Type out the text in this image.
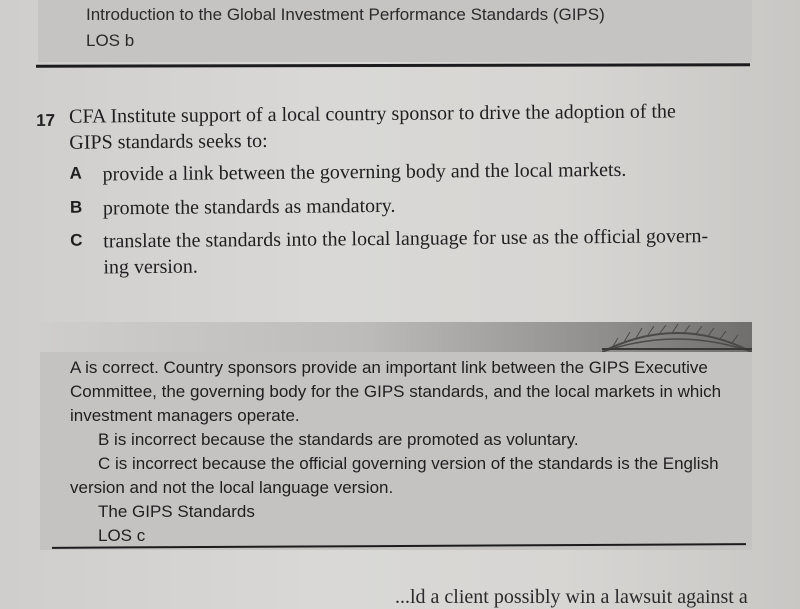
Introduction to the Global Investment Performance Standards (GIPS)
LOS b
17 CFA Institute support of a local country sponsor to drive the adoption of the
GIPS standards seeks to:
A provide a link between the governing body and the local markets.
B promote the standards as mandatory.
C translate the standards into the local language for use as the official govern-
ing version.
A is correct. Country sponsors provide an important link between the GIPS Executive
Committee, the governing body for the GIPS standards, and the local markets in which
investment managers operate.
B is incorrect because the standards are promoted as voluntary.
C is incorrect because the official governing version of the standards is the English
version and not the local language version.
The GIPS Standards
LOS c
...ld a client possibly win a lawsuit against a
